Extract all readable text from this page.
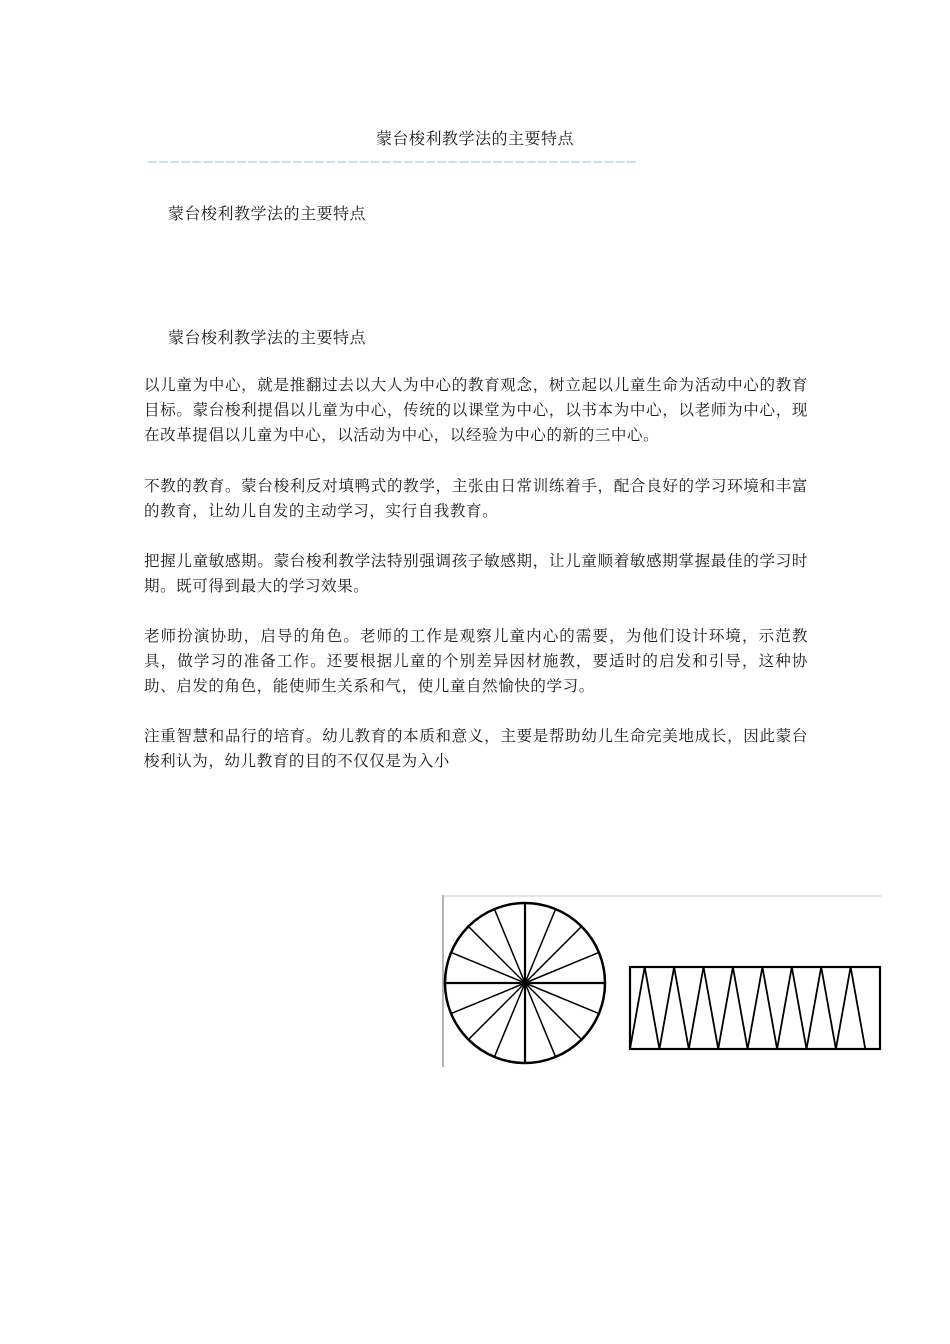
蒙台梭利教学法的主要特点
————————————————————————————————————————————
蒙台梭利教学法的主要特点
蒙台梭利教学法的主要特点
以儿童为中心，就是推翻过去以大人为中心的教育观念，树立起以儿童生命为活动中心的教育目标。蒙台梭利提倡以儿童为中心，传统的以课堂为中心，以书本为中心，以老师为中心，现在改革提倡以儿童为中心，以活动为中心，以经验为中心的新的三中心。
不教的教育。蒙台梭利反对填鸭式的教学，主张由日常训练着手，配合良好的学习环境和丰富的教育，让幼儿自发的主动学习，实行自我教育。
把握儿童敏感期。蒙台梭利教学法特别强调孩子敏感期，让儿童顺着敏感期掌握最佳的学习时期。既可得到最大的学习效果。
老师扮演协助，启导的角色。老师的工作是观察儿童内心的需要，为他们设计环境，示范教具，做学习的准备工作。还要根据儿童的个别差异因材施教，要适时的启发和引导，这种协助、启发的角色，能使师生关系和气，使儿童自然愉快的学习。
注重智慧和品行的培育。幼儿教育的本质和意义，主要是帮助幼儿生命完美地成长，因此蒙台梭利认为，幼儿教育的目的不仅仅是为入小
